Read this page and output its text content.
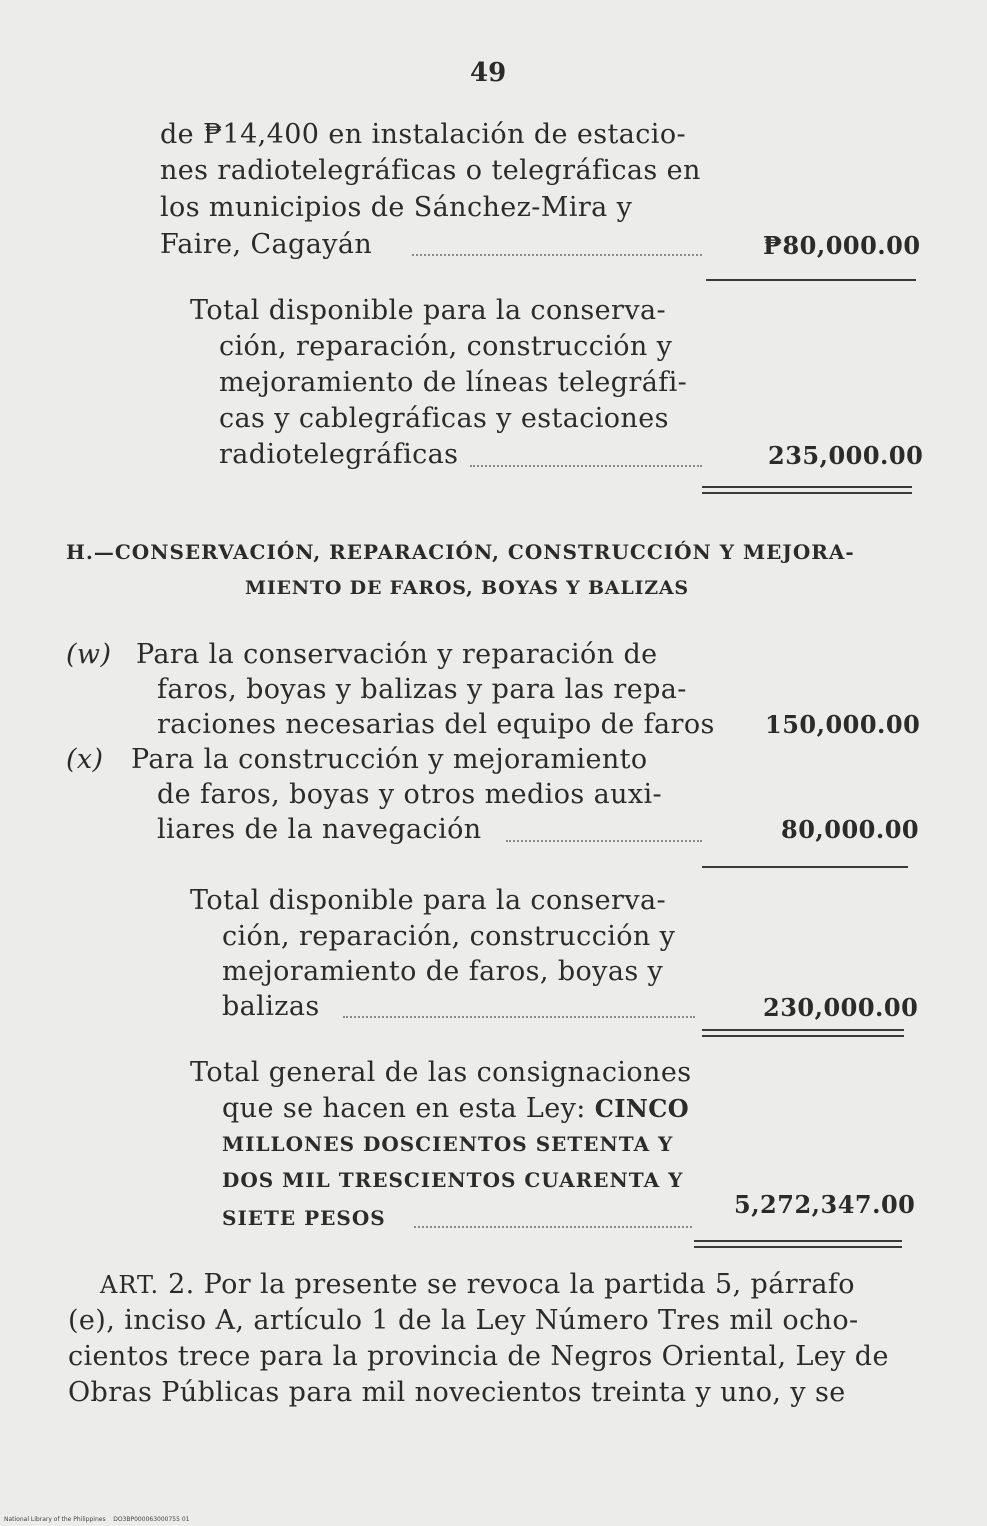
49
de ₱14,400 en instalación de estacio-
nes radiotelegráficas o telegráficas en
los municipios de Sánchez-Mira y
Faire, Cagayán	₱80,000.00
Total disponible para la conserva-
ción, reparación, construcción y
mejoramiento de líneas telegráfi-
cas y cablegráficas y estaciones
radiotelegráficas	235,000.00
H.—CONSERVACIÓN, REPARACIÓN, CONSTRUCCIÓN Y MEJORA-
MIENTO DE FAROS, BOYAS Y BALIZAS
(w) Para la conservación y reparación de
faros, boyas y balizas y para las repa-
raciones necesarias del equipo de faros 150,000.00
(x) Para la construcción y mejoramiento
de faros, boyas y otros medios auxi-
liares de la navegación	80,000.00
Total disponible para la conserva-
ción, reparación, construcción y
mejoramiento de faros, boyas y
balizas	230,000.00
Total general de las consignaciones
que se hacen en esta Ley: CINCO
MILLONES DOSCIENTOS SETENTA Y
DOS MIL TRESCIENTOS CUARENTA Y
SIETE PESOS	5,272,347.00
ART. 2. Por la presente se revoca la partida 5, párrafo
(e), inciso A, artículo 1 de la Ley Número Tres mil ocho-
cientos trece para la provincia de Negros Oriental, Ley de
Obras Públicas para mil novecientos treinta y uno, y se
National Library of the Philippines DO3BP000063000755 01
